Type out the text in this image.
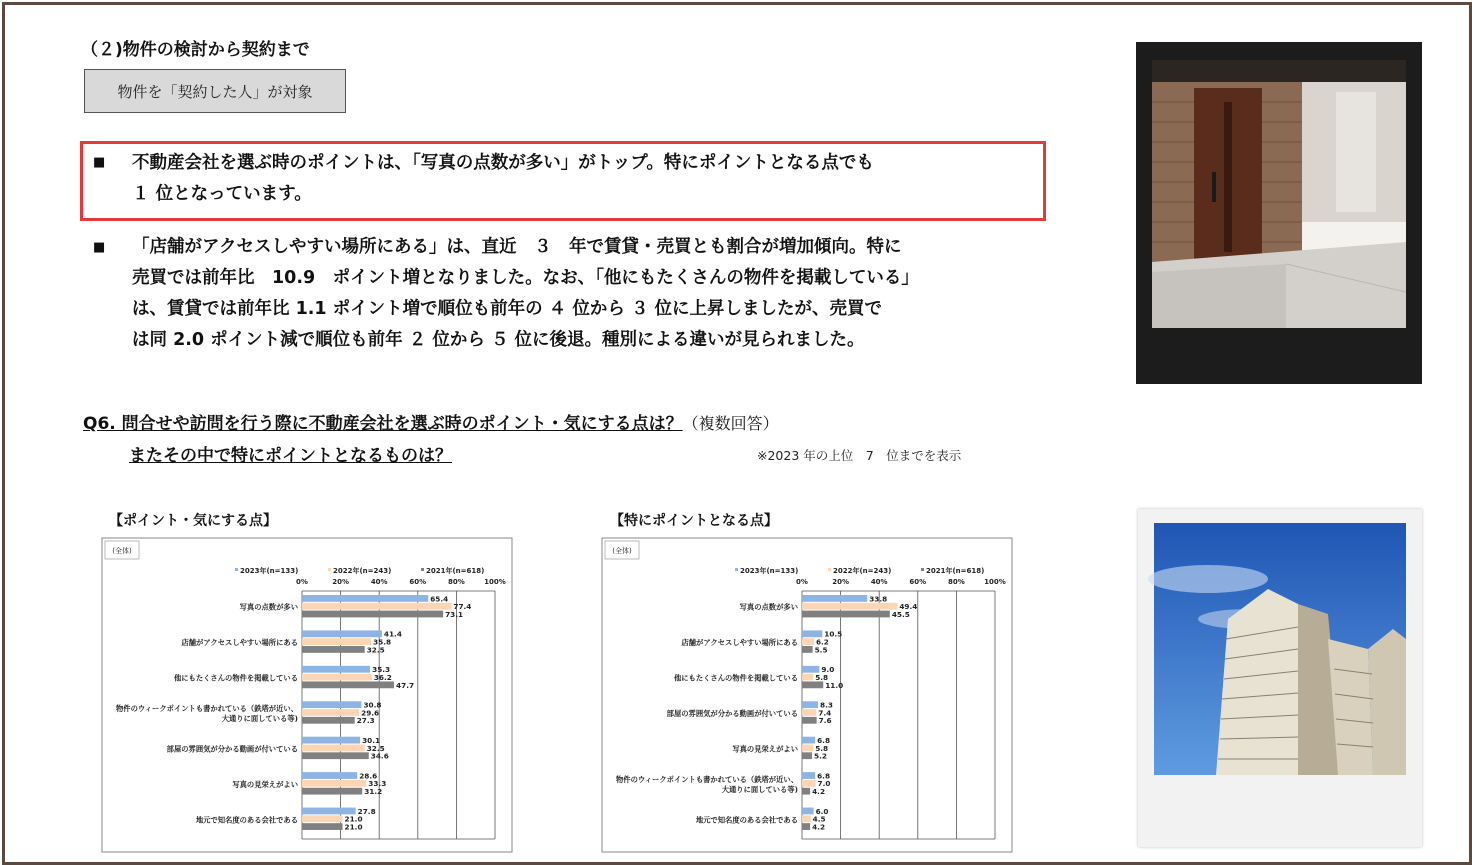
（２)物件の検討から契約まで
物件を「契約した人」が対象
■ 不動産会社を選ぶ時のポイントは、「写真の点数が多い」がトップ。特にポイントとなる点でも
１ 位となっています。
■ 「店舗がアクセスしやすい場所にある」は、直近　３　年で賃貸・売買とも割合が増加傾向。特に
売買では前年比　10.9　ポイント増となりました。なお、「他にもたくさんの物件を掲載している」
は、賃貸では前年比 1.1 ポイント増で順位も前年の ４ 位から ３ 位に上昇しましたが、売買で
は同 2.0 ポイント減で順位も前年 ２ 位から ５ 位に後退。種別による違いが見られました。
Q6. 問合せや訪問を行う際に不動産会社を選ぶ時のポイント・気にする点は？（複数回答）
またその中で特にポイントとなるものは？	※2023 年の上位　7　位までを表示
【ポイント・気にする点】	【特にポイントとなる点】
(全体)
2023年(n=133)	2022年(n=243)	2021年(n=618)
0%	20%	40%	60%	80%	100%
写真の点数が多い
65.4
77.4
73.1
店舗がアクセスしやすい場所にある
41.4
35.8
32.5
他にもたくさんの物件を掲載している
35.3
36.2
47.7
物件のウィークポイントも書かれている（鉄塔が近い、
大通りに面している等)
30.8
29.6
27.3
部屋の雰囲気が分かる動画が付いている
30.1
32.5
34.6
写真の見栄えがよい
28.6
33.3
31.2
地元で知名度のある会社である
27.8
21.0
21.0
(全体)
2023年(n=133)	2022年(n=243)	2021年(n=618)
0%	20%	40%	60%	80%	100%
写真の点数が多い
33.8
49.4
45.5
店舗がアクセスしやすい場所にある
10.5
6.2
5.5
他にもたくさんの物件を掲載している
9.0
5.8
11.0
部屋の雰囲気が分かる動画が付いている
8.3
7.4
7.6
写真の見栄えがよい
6.8
5.8
5.2
物件のウィークポイントも書かれている（鉄塔が近い、
大通りに面している等)
6.8
7.0
4.2
地元で知名度のある会社である
6.0
4.5
4.2
